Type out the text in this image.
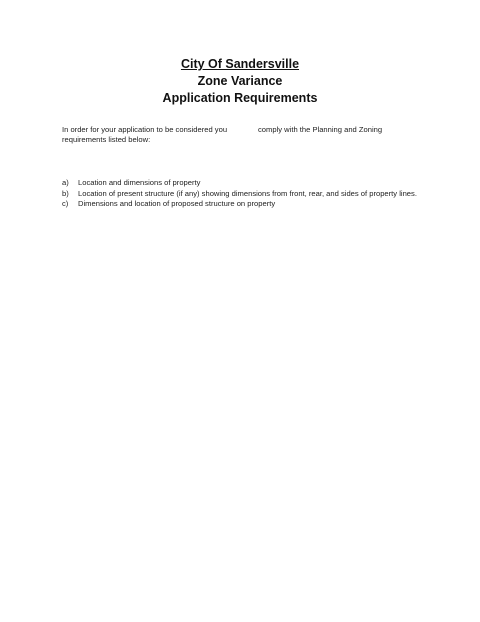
City Of Sandersville
Zone Variance
Application Requirements
In order for your application to be considered you	comply with the Planning and Zoning
requirements listed below:
a) Location and dimensions of property
b) Location of present structure (if any) showing dimensions from front, rear, and sides of property lines.
c) Dimensions and location of proposed structure on property
